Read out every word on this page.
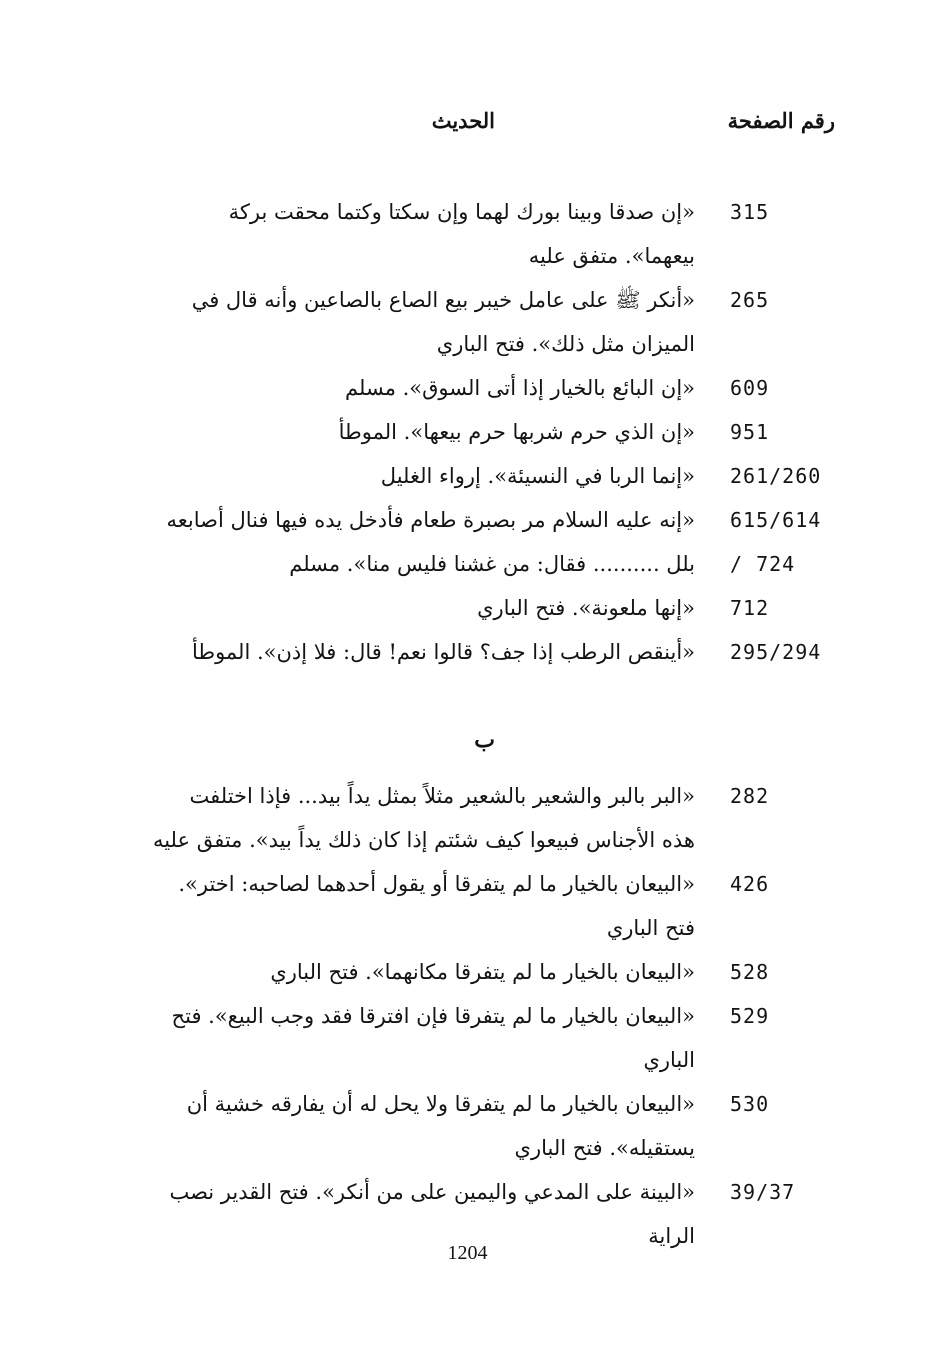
رقم الصفحة
الحديث
315
«إن صدقا وبينا بورك لهما وإن سكتا وكتما محقت بركة
بيعهما». متفق عليه
265
«أنكر ﷺ على عامل خيبر بيع الصاع بالصاعين وأنه قال في
الميزان مثل ذلك». فتح الباري
609
«إن البائع بالخيار إذا أتى السوق». مسلم
951
«إن الذي حرم شربها حرم بيعها». الموطأ
261/260
«إنما الربا في النسيئة». إرواء الغليل
615/614
«إنه عليه السلام مر بصبرة طعام فأدخل يده فيها فنال أصابعه
/ 724
بلل .......... فقال: من غشنا فليس منا». مسلم
712
«إنها ملعونة». فتح الباري
295/294
«أينقص الرطب إذا جف؟ قالوا نعم! قال: فلا إذن». الموطأ
ب
282
«البر بالبر والشعير بالشعير مثلاً بمثل يداً بيد... فإذا اختلفت
هذه الأجناس فبيعوا كيف شئتم إذا كان ذلك يداً بيد». متفق عليه
426
«البيعان بالخيار ما لم يتفرقا أو يقول أحدهما لصاحبه: اختر».
فتح الباري
528
«البيعان بالخيار ما لم يتفرقا مكانهما». فتح الباري
529
«البيعان بالخيار ما لم يتفرقا فإن افترقا فقد وجب البيع». فتح
الباري
530
«البيعان بالخيار ما لم يتفرقا ولا يحل له أن يفارقه خشية أن
يستقيله». فتح الباري
39/37
«البينة على المدعي واليمين على من أنكر». فتح القدير نصب
الراية
1204
